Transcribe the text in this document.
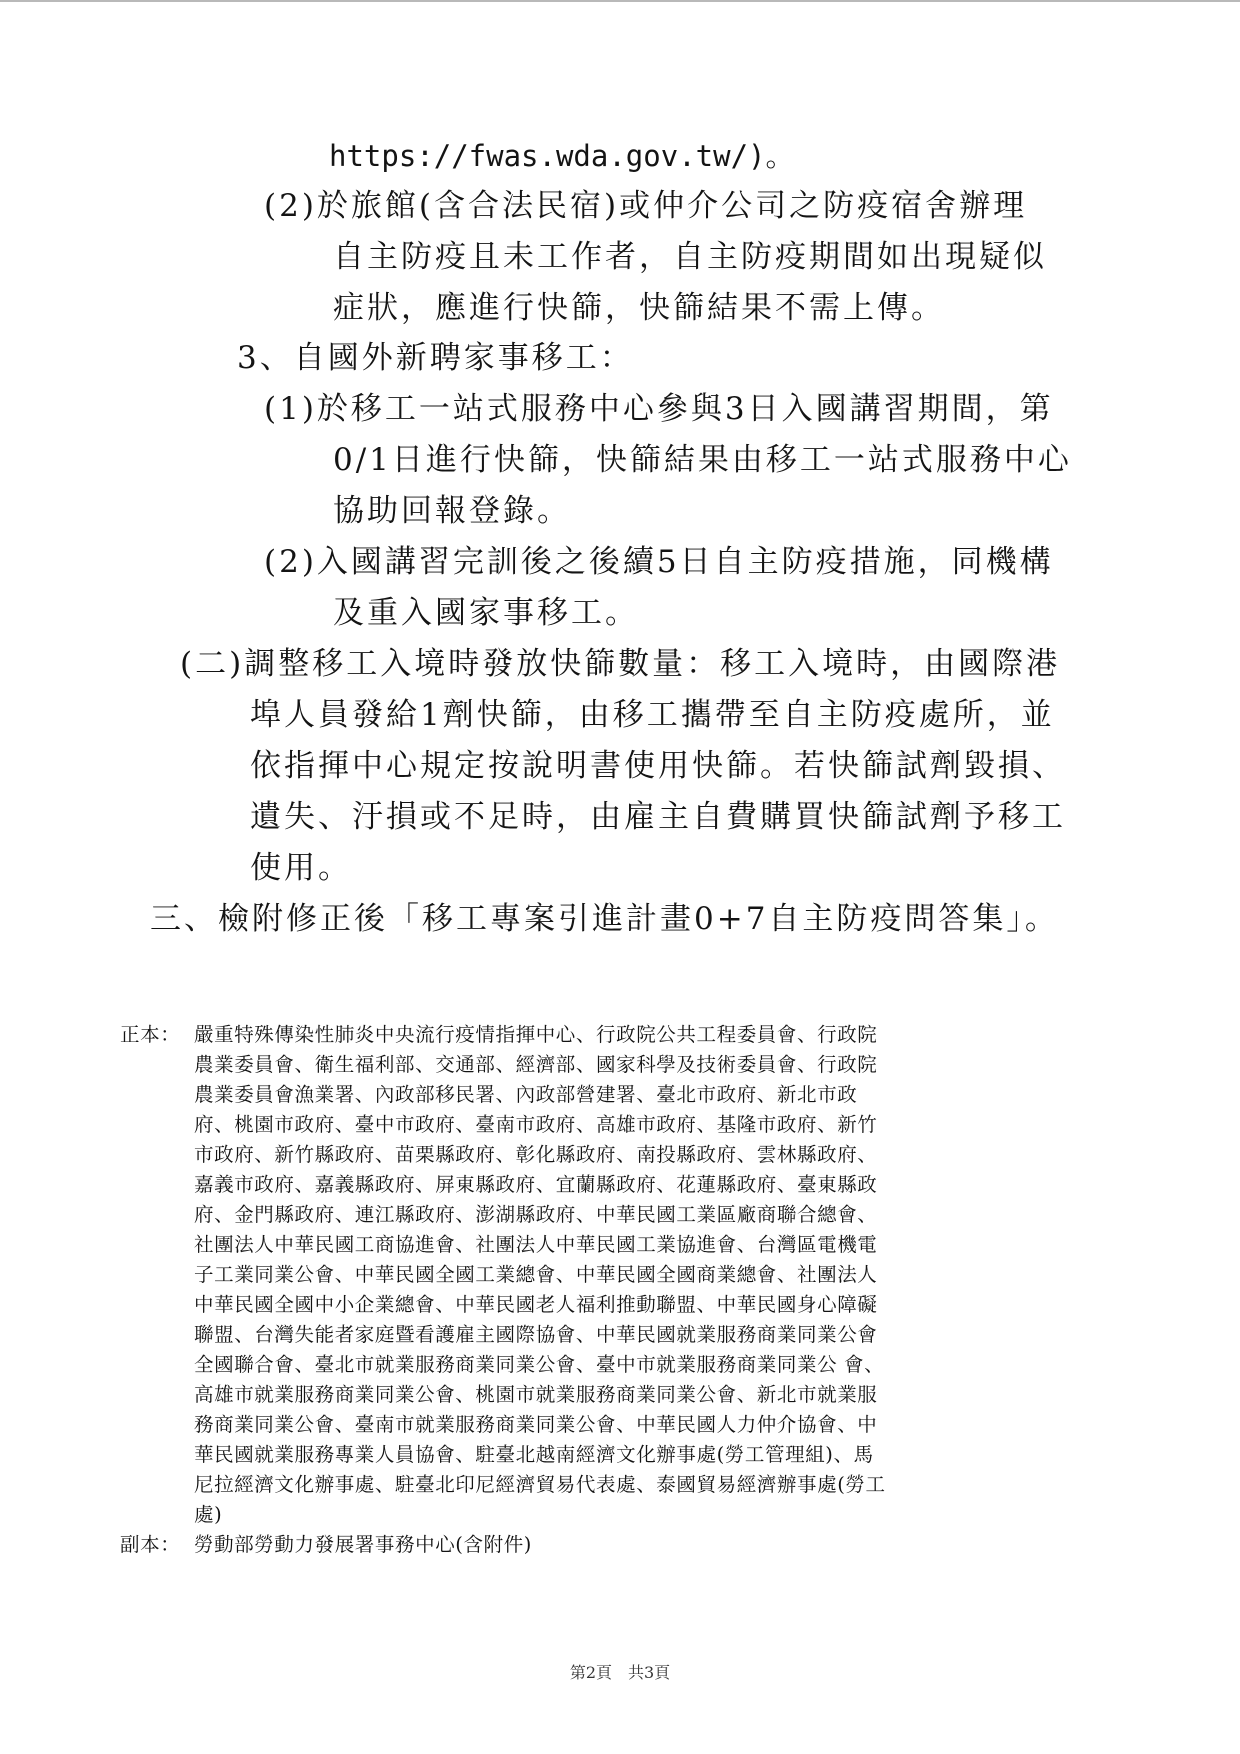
https://fwas.wda.gov.tw/)。

(2)於旅館(含合法民宿)或仲介公司之防疫宿舍辦理

自主防疫且未工作者，自主防疫期間如出現疑似

症狀，應進行快篩，快篩結果不需上傳。

3、自國外新聘家事移工：

(1)於移工一站式服務中心參與3日入國講習期間，第

0/1日進行快篩，快篩結果由移工一站式服務中心

協助回報登錄。

(2)入國講習完訓後之後續5日自主防疫措施，同機構

及重入國家事移工。

(二)調整移工入境時發放快篩數量：移工入境時，由國際港

埠人員發給1劑快篩，由移工攜帶至自主防疫處所，並

依指揮中心規定按說明書使用快篩。若快篩試劑毀損、

遺失、汙損或不足時，由雇主自費購買快篩試劑予移工

使用。

三、檢附修正後「移工專案引進計畫0+7自主防疫問答集」。

正本： 嚴重特殊傳染性肺炎中央流行疫情指揮中心、行政院公共工程委員會、行政院

農業委員會、衛生福利部、交通部、經濟部、國家科學及技術委員會、行政院

農業委員會漁業署、內政部移民署、內政部營建署、臺北市政府、新北市政

府、桃園市政府、臺中市政府、臺南市政府、高雄市政府、基隆市政府、新竹

市政府、新竹縣政府、苗栗縣政府、彰化縣政府、南投縣政府、雲林縣政府、

嘉義市政府、嘉義縣政府、屏東縣政府、宜蘭縣政府、花蓮縣政府、臺東縣政

府、金門縣政府、連江縣政府、澎湖縣政府、中華民國工業區廠商聯合總會、

社團法人中華民國工商協進會、社團法人中華民國工業協進會、台灣區電機電

子工業同業公會、中華民國全國工業總會、中華民國全國商業總會、社團法人

中華民國全國中小企業總會、中華民國老人福利推動聯盟、中華民國身心障礙

聯盟、台灣失能者家庭暨看護雇主國際協會、中華民國就業服務商業同業公會

全國聯合會、臺北市就業服務商業同業公會、臺中市就業服務商業同業公 會、

高雄市就業服務商業同業公會、桃園市就業服務商業同業公會、新北市就業服

務商業同業公會、臺南市就業服務商業同業公會、中華民國人力仲介協會、中

華民國就業服務專業人員協會、駐臺北越南經濟文化辦事處(勞工管理組)、馬

尼拉經濟文化辦事處、駐臺北印尼經濟貿易代表處、泰國貿易經濟辦事處(勞工

處)

副本： 勞動部勞動力發展署事務中心(含附件)

第2頁　共3頁
